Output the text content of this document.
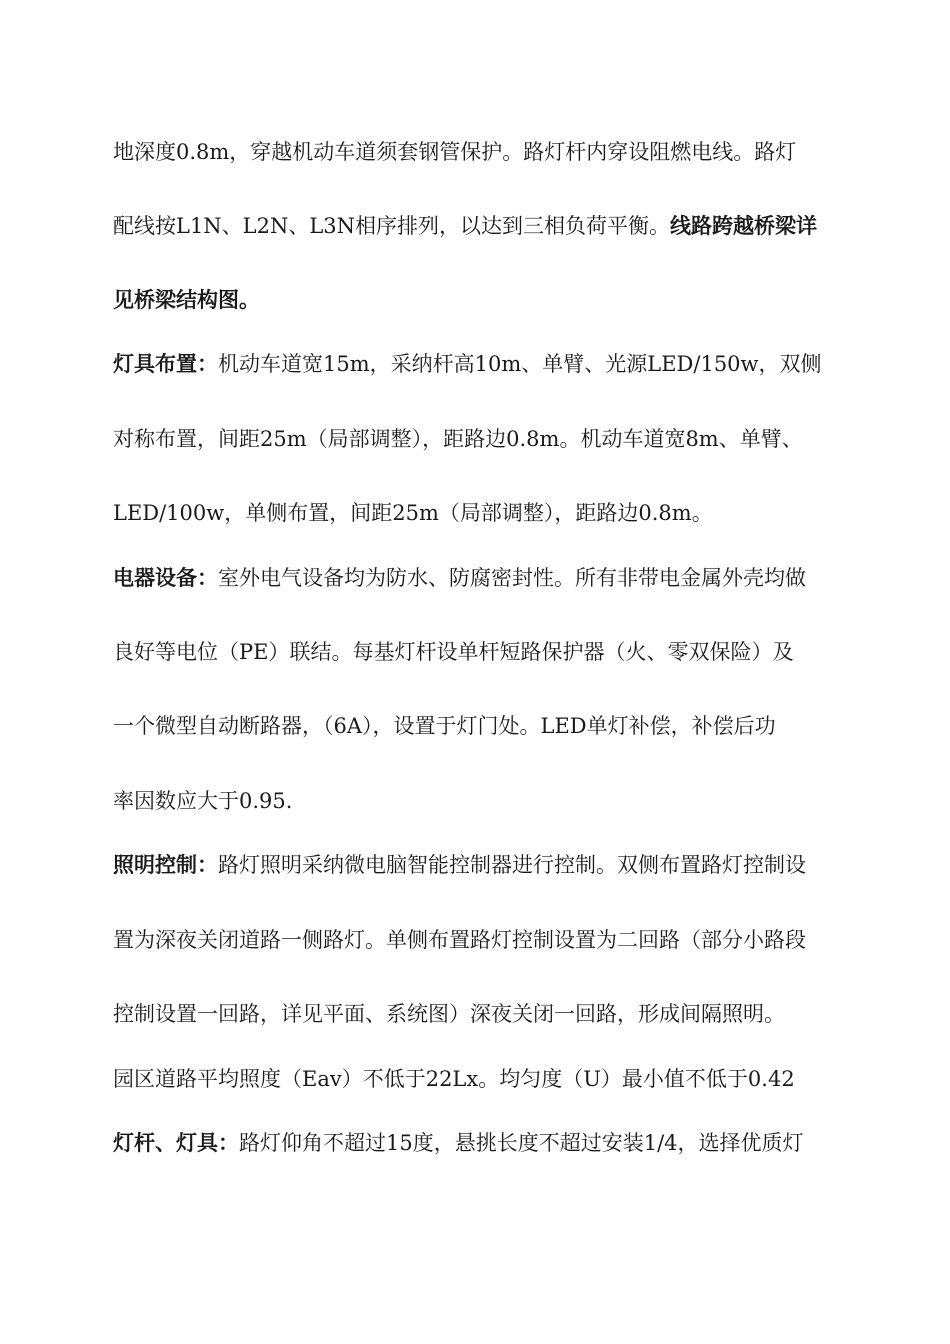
地深度0.8m，穿越机动车道须套钢管保护。路灯杆内穿设阻燃电线。路灯
配线按L1N、L2N、L3N相序排列，以达到三相负荷平衡。线路跨越桥梁详
见桥梁结构图。
灯具布置：机动车道宽15m，采纳杆高10m、单臂、光源LED/150w，双侧
对称布置，间距25m（局部调整），距路边0.8m。机动车道宽8m、单臂、
LED/100w，单侧布置，间距25m（局部调整），距路边0.8m。
电器设备：室外电气设备均为防水、防腐密封性。所有非带电金属外壳均做
良好等电位（PE）联结。每基灯杆设单杆短路保护器（火、零双保险）及
一个微型自动断路器，（6A），设置于灯门处。LED单灯补偿，补偿后功
率因数应大于0.95.
照明控制：路灯照明采纳微电脑智能控制器进行控制。双侧布置路灯控制设
置为深夜关闭道路一侧路灯。单侧布置路灯控制设置为二回路（部分小路段
控制设置一回路，详见平面、系统图）深夜关闭一回路，形成间隔照明。
园区道路平均照度（Eav）不低于22Lx。均匀度（U）最小值不低于0.42
灯杆、灯具：路灯仰角不超过15度，悬挑长度不超过安装1/4，选择优质灯
